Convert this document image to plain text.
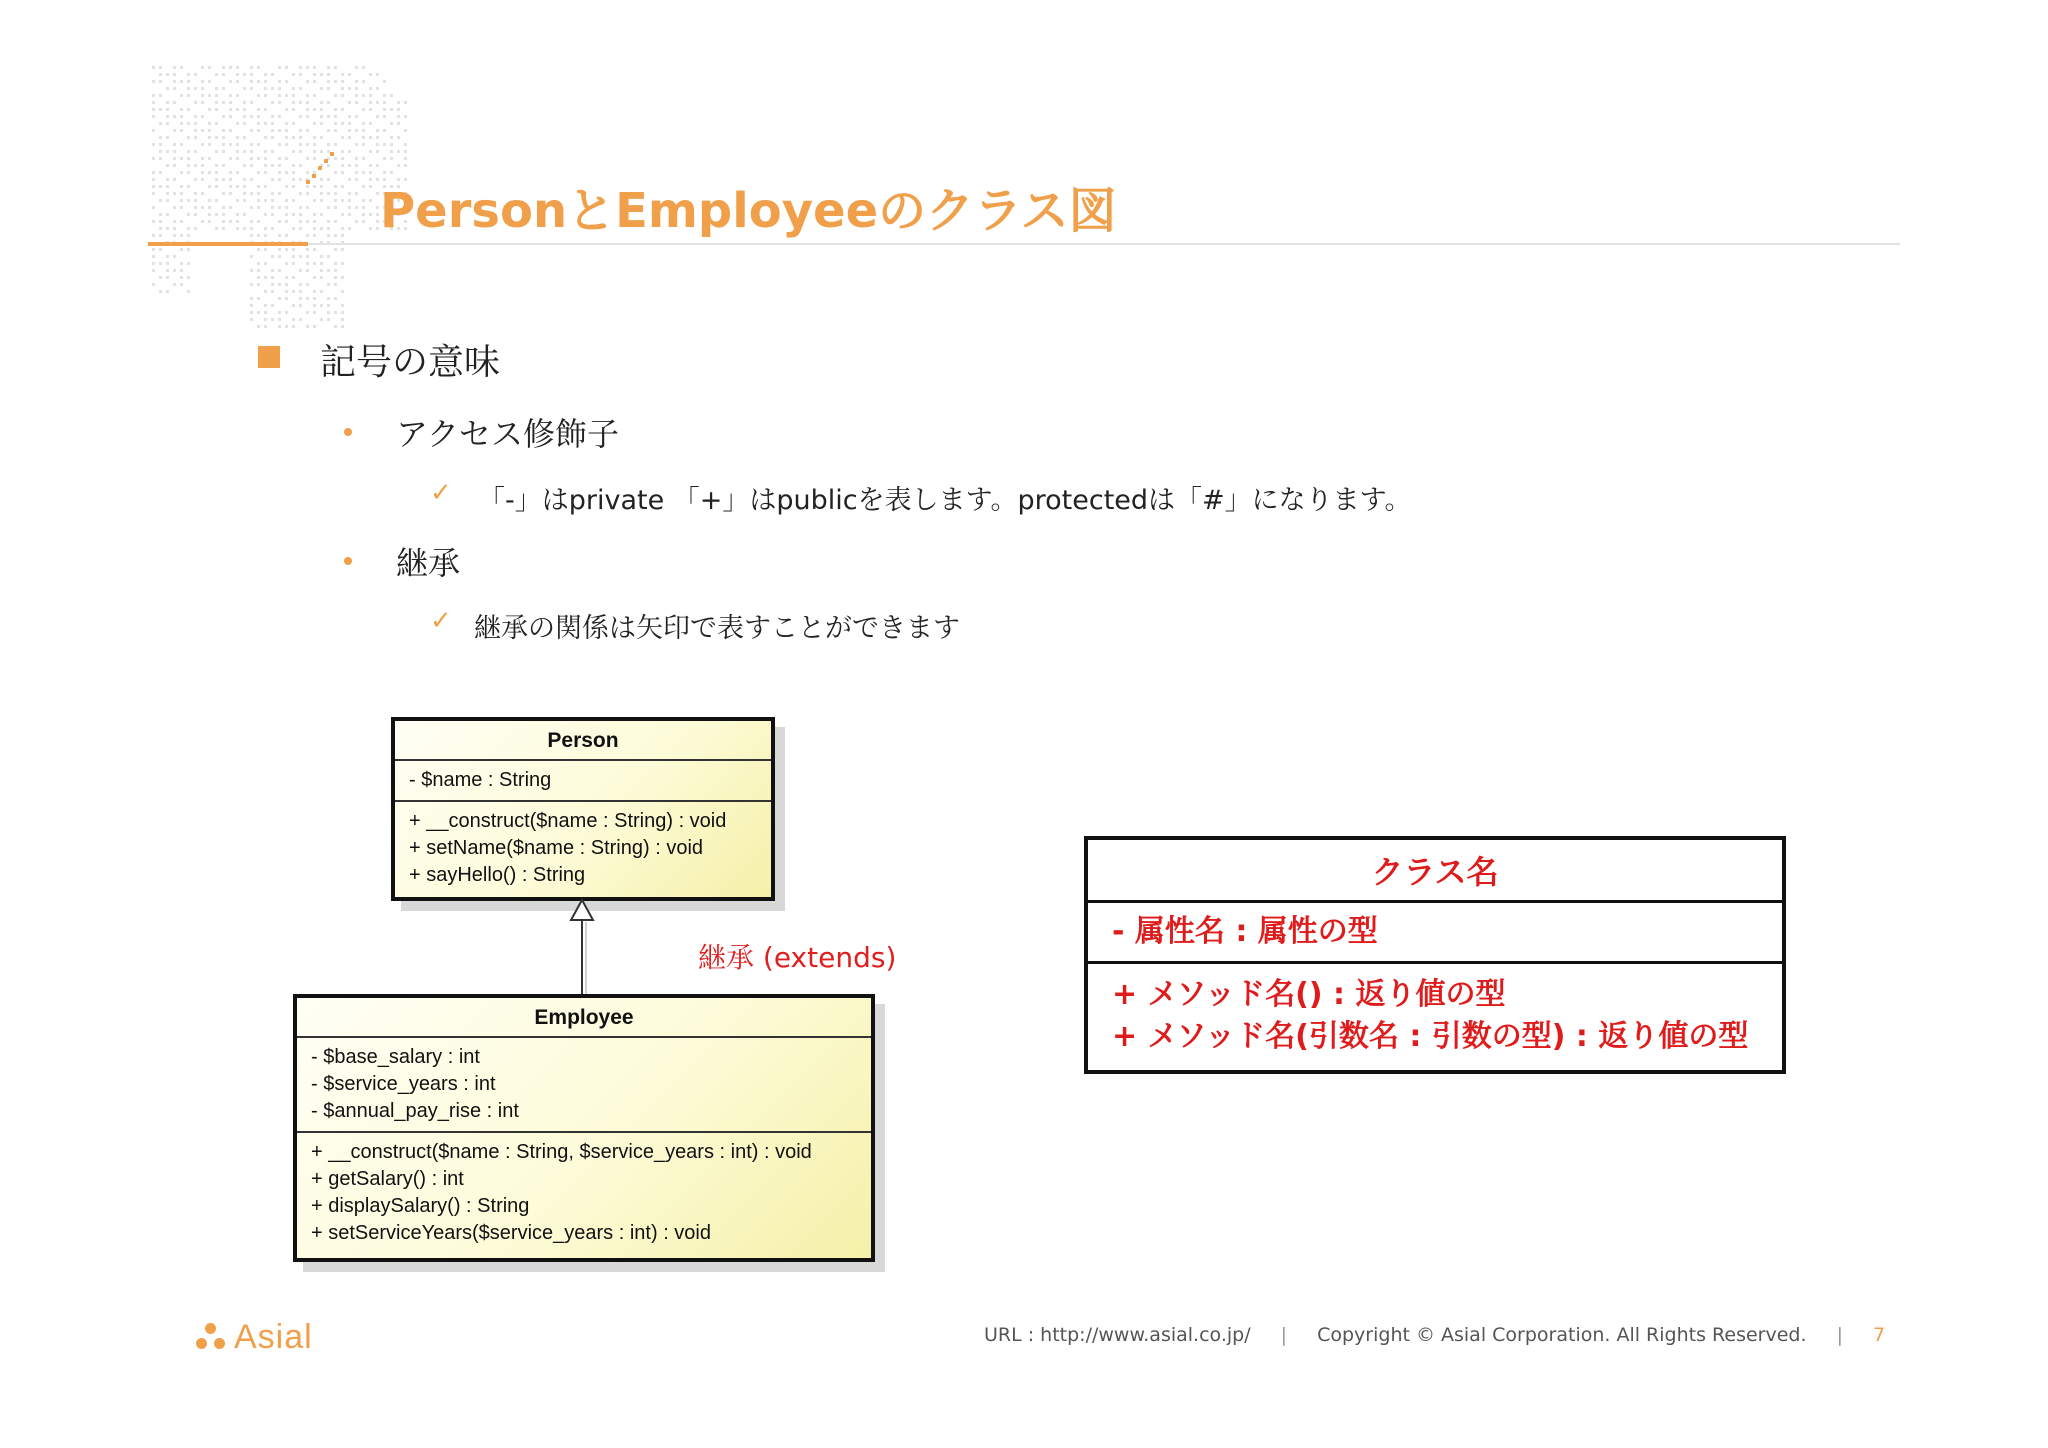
PersonとEmployeeのクラス図
記号の意味
アクセス修飾子
✓ 「-」はprivate 「+」はpublicを表します。protectedは「#」になります。
継承
✓ 継承の関係は矢印で表すことができます
Person
- $name : String
+ __construct($name : String) : void
+ setName($name : String) : void
+ sayHello() : String
継承 (extends)
Employee
- $base_salary : int
- $service_years : int
- $annual_pay_rise : int
+ __construct($name : String, $service_years : int) : void
+ getSalary() : int
+ displaySalary() : String
+ setServiceYears($service_years : int) : void
クラス名
- 属性名 : 属性の型
+ メソッド名() : 返り値の型
+ メソッド名(引数名 : 引数の型) : 返り値の型
Asial	URL : http://www.asial.co.jp/ | Copyright © Asial Corporation. All Rights Reserved. | 7
